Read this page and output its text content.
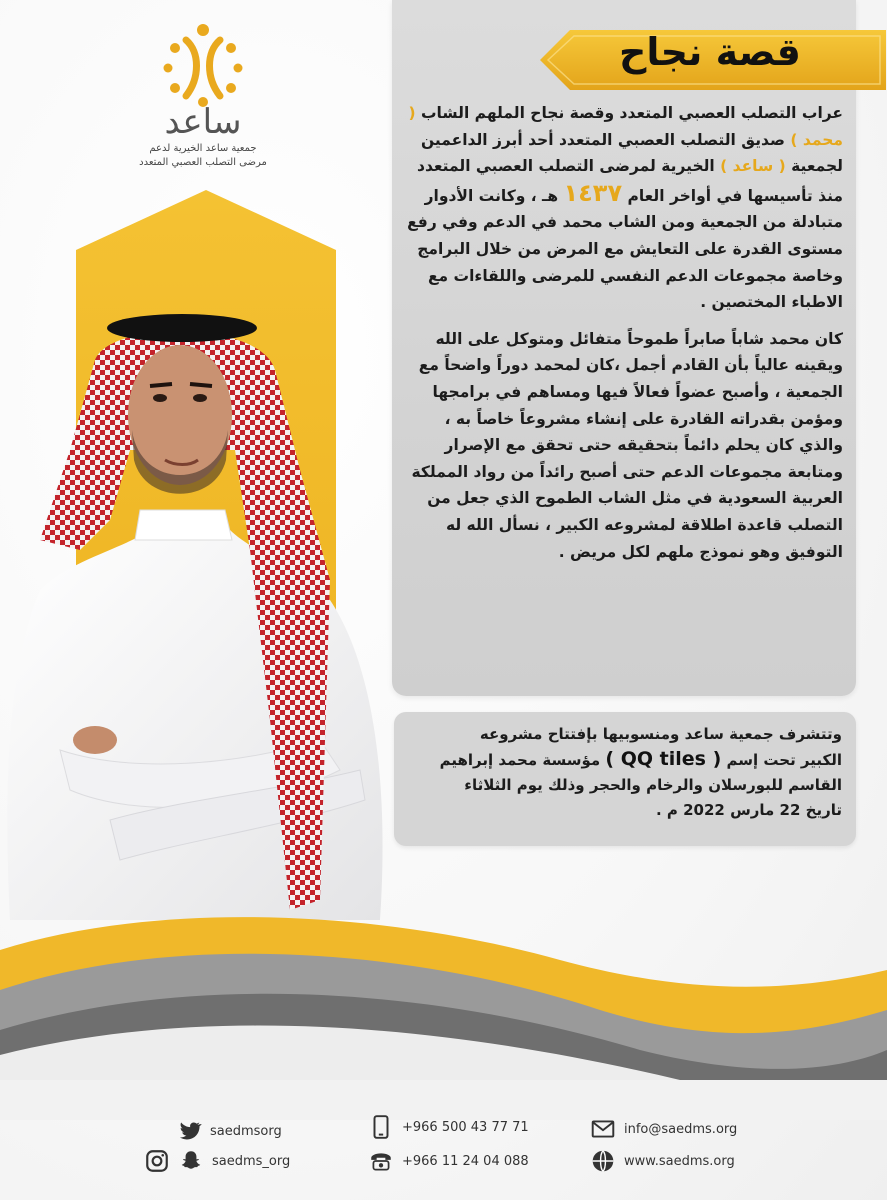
ساعد
جمعية ساعد الخيرية لدعم
مرضى التصلب العصبي المتعدد
قصة نجاح

عراب التصلب العصبي المتعدد وقصة نجاح الملهم الشاب ( محمد ) صديق التصلب العصبي المتعدد أحد أبرز الداعمين لجمعية ( ساعد ) الخيرية لمرضى التصلب العصبي المتعدد منذ تأسيسها في أواخر العام ١٤٣٧ هـ ، وكانت الأدوار متبادلة من الجمعية ومن الشاب محمد في الدعم وفي رفع مستوى القدرة على التعايش مع المرض من خلال البرامج وخاصة مجموعات الدعم النفسي للمرضى واللقاءات مع الاطباء المختصين .

كان محمد شاباً صابراً طموحاً متفائل ومتوكل على الله ويقينه عالياً بأن القادم أجمل ،كان لمحمد دوراً واضحاً مع الجمعية ، وأصبح عضواً فعالاً فيها ومساهم في برامجها ومؤمن بقدراته القادرة على إنشاء مشروعاً خاصاً به ، والذي كان يحلم دائماً بتحقيقه حتى تحقق مع الإصرار ومتابعة مجموعات الدعم حتى أصبح رائداً من رواد المملكة العربية السعودية في مثل الشاب الطموح الذي جعل من التصلب قاعدة اطلاقة لمشروعه الكبير ، نسأل الله له التوفيق وهو نموذج ملهم لكل مريض .

وتتشرف جمعية ساعد ومنسوبيها بإفتتاح مشروعه
الكبير تحت إسم ( QQ tiles ) مؤسسة محمد إبراهيم
القاسم للبورسلان والرخام والحجر وذلك يوم الثلاثاء
تاريخ 22 مارس 2022 م .
saedmsorg
saedms_org
+966 500 43 77 71
+966 11 24 04 088
info@saedms.org
www.saedms.org
